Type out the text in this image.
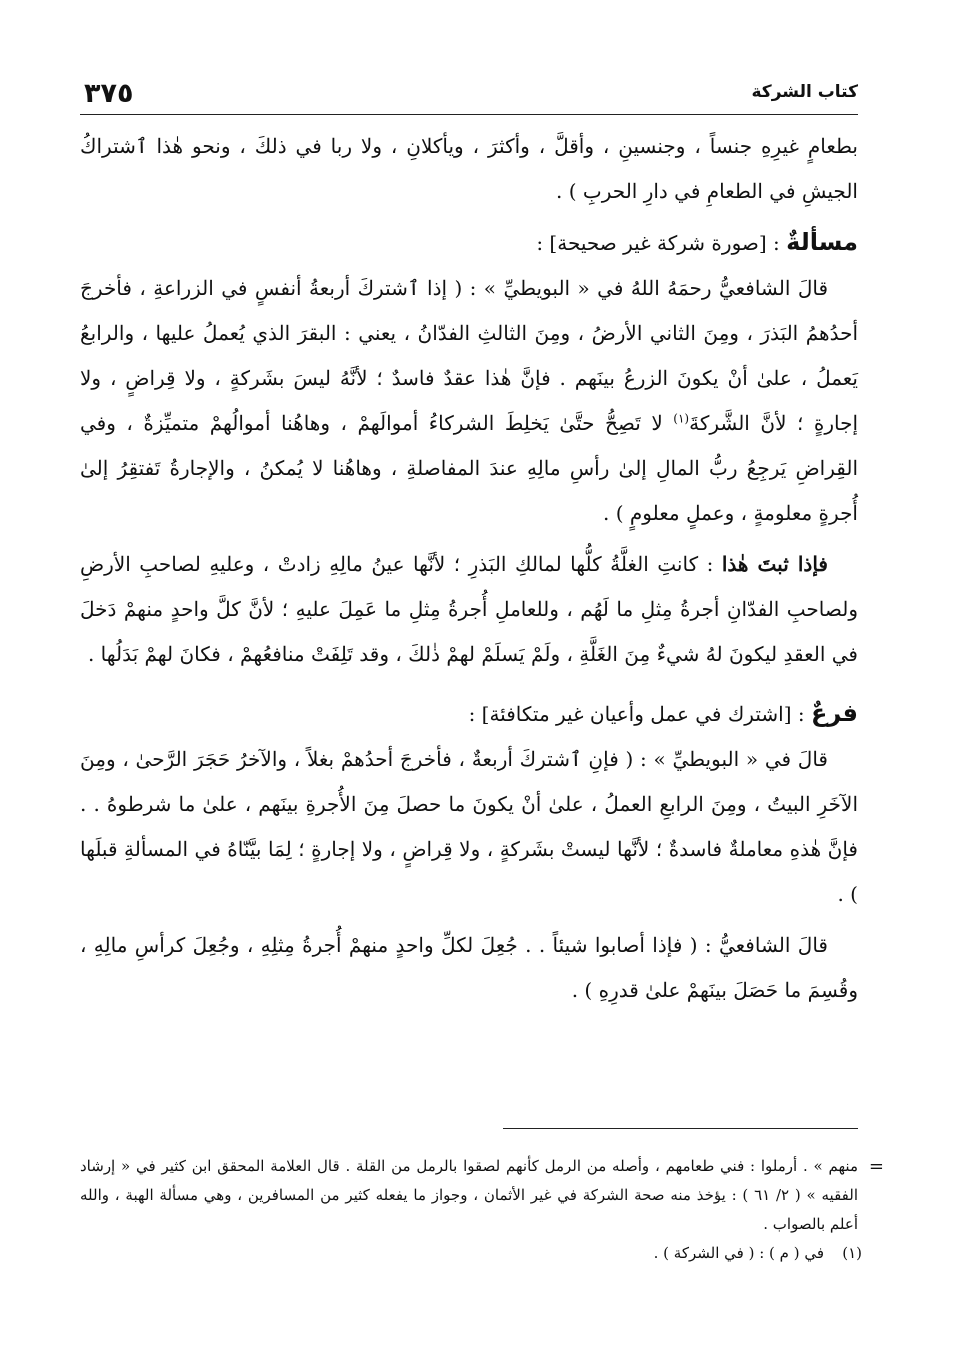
٣٧٥	كتاب الشركة

بطعامٍ غيرِهِ جنساً ، وجنسينِ ، وأقلَّ ، وأكثرَ ، ويأكلانِ ، ولا ربا في ذلكَ ، ونحو هٰذا ٱشتراكُ الجيشِ في الطعامِ في دارِ الحربِ ) .

مسألةٌ : [صورة شركة غير صحيحة] :

قالَ الشافعيُّ رحمَهُ اللهُ في « البويطيِّ » : ( إذا ٱشتركَ أربعةُ أنفسٍ في الزراعةِ ، فأخرجَ أحدُهمُ البَذرَ ، ومِنَ الثاني الأرضُ ، ومِنَ الثالثِ الفدّانُ ، يعني : البقرَ الذي يُعملُ عليها ، والرابعُ يَعملُ ، علىٰ أنْ يكونَ الزرعُ بينَهم . فإنَّ هٰذا عقدٌ فاسدٌ ؛ لأنَّهُ ليسَ بشَركةٍ ، ولا قِراضٍ ، ولا إجارةٍ ؛ لأنَّ الشَّركةَ$^{(١)}$ لا تَصِحُّ حتَّىٰ يَخلِطَ الشركاءُ أموالَهمْ ، وهاهُنا أموالُهمْ متميِّزةٌ ، وفي القِراضِ يَرجِعُ ربُّ المالِ إلىٰ رأسِ مالِهِ عندَ المفاصلةِ ، وهاهُنا لا يُمكنُ ، والإجارةُ تَفتقِرُ إلىٰ أُجرةٍ معلومةٍ ، وعملٍ معلومٍ ) .

فإذا ثبتَ هٰذا : كانتِ الغلَّةُ كلُّها لمالكِ البَذرِ ؛ لأنَّها عينُ مالِهِ زادتْ ، وعليهِ لصاحبِ الأرضِ ولصاحبِ الفدّانِ أجرةُ مِثلِ ما لَهُم ، وللعاملِ أُجرةُ مِثلِ ما عَمِلَ عليهِ ؛ لأنَّ كلَّ واحدٍ منهمْ دَخلَ في العقدِ ليكونَ لهُ شيءٌ مِنَ الغَلَّةِ ، ولَمْ يَسلَمْ لهمْ ذٰلكَ ، وقد تَلِفَتْ منافعُهمْ ، فكانَ لهمْ بَدَلُها .

فرعٌ : [اشترك في عمل وأعيان غير متكافئة] :

قالَ في « البويطيِّ » : ( فإنِ ٱشتركَ أربعةٌ ، فأخرجَ أحدُهمْ بغلاً ، والآخرُ حَجَرَ الرَّحىٰ ، ومِنَ الآخَرِ البيتُ ، ومِنَ الرابعِ العملُ ، علىٰ أنْ يكونَ ما حصلَ مِنَ الأُجرةِ بينَهم ، علىٰ ما شرطوهُ . . فإنَّ هٰذهِ معاملةٌ فاسدةٌ ؛ لأنَّها ليستْ بشَركةٍ ، ولا قِراضٍ ، ولا إجارةٍ ؛ لِمَا بيَّنّاهُ في المسألةِ قبلَها ) .

قالَ الشافعيُّ : ( فإذا أصابوا شيئاً . . جُعِلَ لكلِّ واحدٍ منهمْ أُجرةُ مِثلِهِ ، وجُعِلَ كرأسِ مالِهِ ، وقُسِمَ ما حَصَلَ بينَهمْ علىٰ قدرِهِ ) .

=
منهم » . أرملوا : فني طعامهم ، وأصله من الرمل كأنهم لصقوا بالرمل من القلة . قال العلامة المحقق ابن كثير في « إرشاد الفقيه » ( ٢/ ٦١ ) : يؤخذ منه صحة الشركة في غير الأثمان ، وجواز ما يفعله كثير من المسافرين ، وهي مسألة الهبة ، والله أعلم بالصواب .
(١)
في ( م ) : ( في الشركة ) .
